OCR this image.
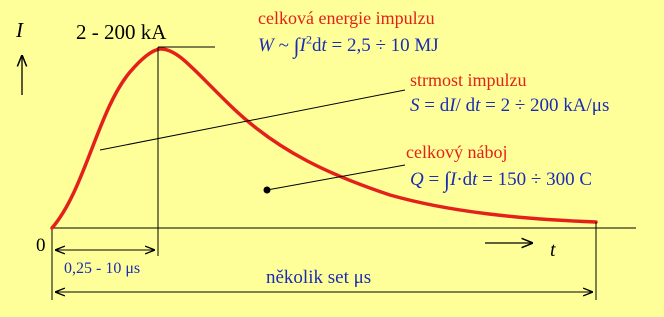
I
t
0
2 - 200 kA
0,25 - 10 μs	několik set μs
celková energie impulzu
W ~ $\int I^2dt = 2,5 \div 10$ MJ
strmost impulzu
S = dI/ dt = 2 ÷ 200 kA/μs
celkový náboj
Q = ∫I·dt = 150 ÷ 300 C
